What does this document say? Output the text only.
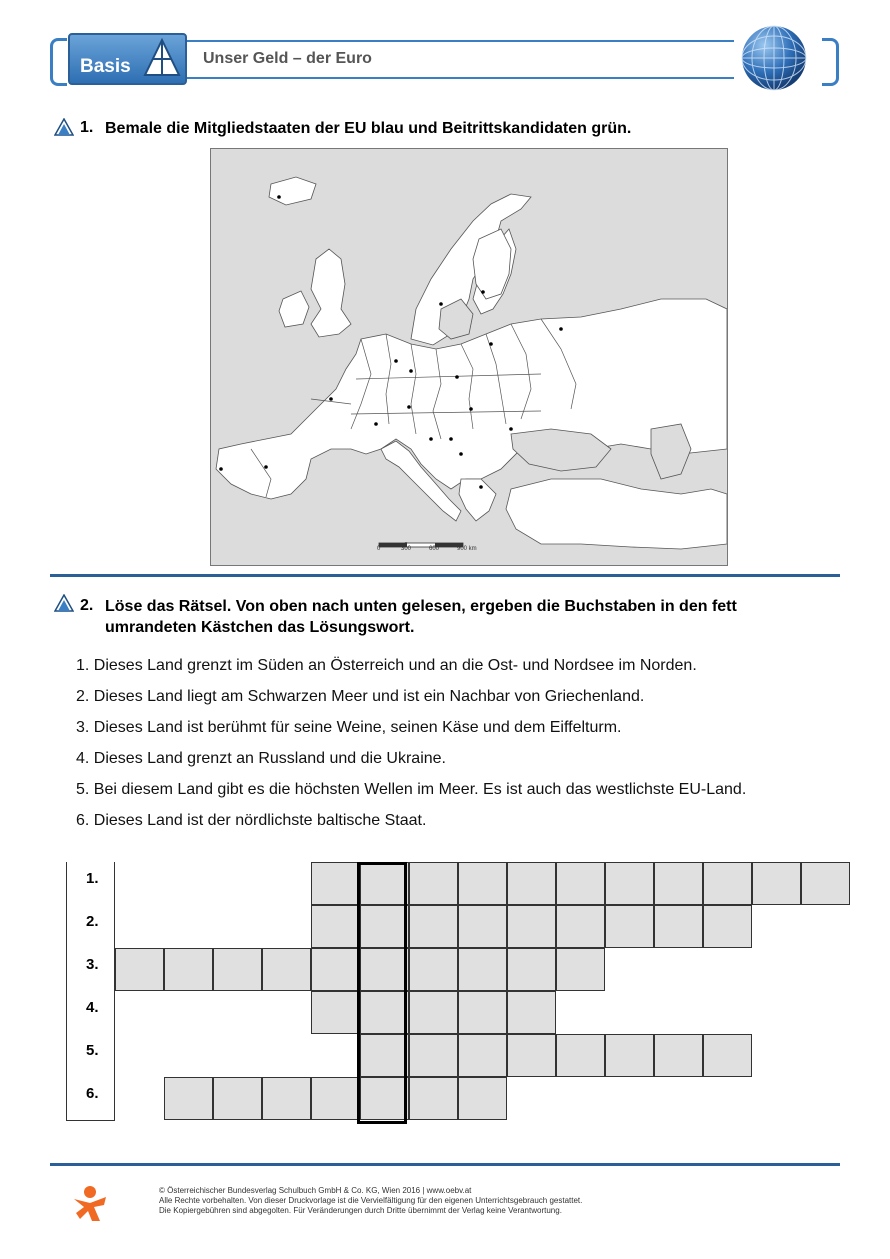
Basis	Unser Geld – der Euro
1. Bemale die Mitgliedstaaten der EU blau und Beitrittskandidaten grün.
0	300	600	900 km
2. Löse das Rätsel. Von oben nach unten gelesen, ergeben die Buchstaben in den fett
umrandeten Kästchen das Lösungswort.
1. Dieses Land grenzt im Süden an Österreich und an die Ost- und Nordsee im Norden.
2. Dieses Land liegt am Schwarzen Meer und ist ein Nachbar von Griechenland.
3. Dieses Land ist berühmt für seine Weine, seinen Käse und dem Eiffelturm.
4. Dieses Land grenzt an Russland und die Ukraine.
5. Bei diesem Land gibt es die höchsten Wellen im Meer. Es ist auch das westlichste EU-Land.
6. Dieses Land ist der nördlichste baltische Staat.
1.
2.
3.
4.
5.
6.
© Österreichischer Bundesverlag Schulbuch GmbH & Co. KG, Wien 2016 | www.oebv.at
Alle Rechte vorbehalten. Von dieser Druckvorlage ist die Vervielfältigung für den eigenen Unterrichtsgebrauch gestattet.
Die Kopiergebühren sind abgegolten. Für Veränderungen durch Dritte übernimmt der Verlag keine Verantwortung.
